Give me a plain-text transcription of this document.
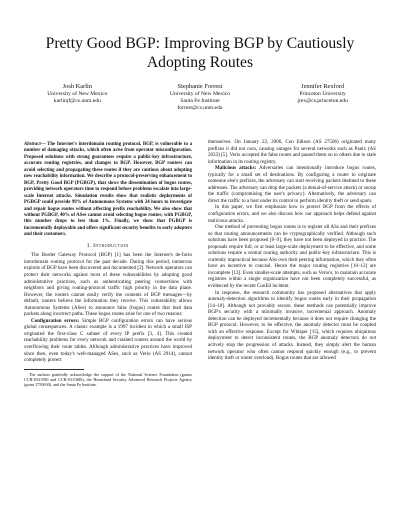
Pretty Good BGP: Improving BGP by Cautiously
Adopting Routes
Josh Karlin
University of New Mexico
karlinjf@cs.unm.edu
Stephanie Forrest
University of New Mexico
Santa Fe Institute
forrest@cs.unm.edu
Jennifer Rexford
Princeton University
jrex@cs.princeton.edu

Abstract— The Internet's interdomain routing protocol, BGP, is vulnerable to a number of damaging attacks, which often arise from operator misconfiguration. Proposed solutions with strong guarantees require a public-key infrastructure, accurate routing registries, and changes to BGP. However, BGP routers can avoid selecting and propagating these routes if they are cautious about adopting new reachability information. We describe a protocol-preserving enhancement to BGP, Pretty Good BGP (PGBGP), that slows the dissemination of bogus routes, providing network operators time to respond before problems escalate into large-scale Internet attacks. Simulation results show that realistic deployments of PGBGP could provide 99% of Autonomous Systems with 24 hours to investigate and repair bogus routes without affecting prefix reachability. We also show that without PGBGP, 40% of ASes cannot avoid selecting bogus routes; with PGBGP, this number drops to less than 1%. Finally, we show that PGBGP is incrementally deployable and offers significant security benefits to early adopters and their customers.

I. Introduction

The Border Gateway Protocol (BGP) [1] has been the Internet's de-facto interdomain routing protocol for the past decade. During this period, numerous exploits of BGP have been discovered and documented [2]. Network operators can protect their networks against most of these vulnerabilities by adopting good administrative practices, such as authenticating peering connections with neighbors and giving routing-protocol traffic high priority in the data plane. However, the routers cannot easily verify the contents of BGP messages—by default, routers believe the information they receive. This vulnerability allows Autonomous Systems (ASes) to announce false (bogus) routes that lead data packets along incorrect paths. These bogus routes arise for one of two reasons:

Configuration errors: Simple BGP configuration errors can have serious global consequences. A classic example is a 1997 incident in which a small ISP originated the first-class C subnet of every IP prefix [3, 4]. This created reachability problems for every network and crashed routers around the world by overflowing their route tables. Although administrative practices have improved since then, even today's well-managed ASes, such as Verio (AS 2914), cannot completely protect

The authors gratefully acknowledge the support of the National Science Foundation (grants CCR-0331580 and CCR-0311686), the Homeland Security Advanced Research Projects Agency (grant 1750630), and the Santa Fe Institute.

themselves. On January 22, 2006, Con Edison (AS 27506) originated many prefixes it did not own, causing outages for several networks such as Panix (AS 2033) [5]. Verio accepted the false routes and passed them on to others due to stale information in its routing registry.

Malicious attacks: Adversaries can intentionally introduce bogus routes, typically for a small set of destinations. By configuring a router to originate someone else's prefixes, the adversary can start receiving packets destined to these addresses. The adversary can drop the packets (a denial-of-service attack) or snoop the traffic (compromising the user's privacy). Alternatively, the adversary can direct the traffic to a host under its control to perform identity theft or send spam.

In this paper, we first emphasize how to protect BGP from the effects of configuration errors, and we also discuss how our approach helps defend against malicious attacks.

One method of preventing bogus routes is to register all ASs and their prefixes so that routing announcements can be cryptographically verified. Although such solutions have been proposed [6–9], they have not been deployed in practice. The proposals require full, or at least large-scale deployment to be effective, and some solutions require a central routing authority and public-key infrastructure. This is currently impractical because ASs own their peering information, which they often have an incentive to conceal. Hence the major routing registries [10–12] are incomplete [13]. Even smaller-scale attempts, such as Verio's, to maintain accurate registries within a single organization have not been completely successful, as evidenced by the recent ConEd incident.

In response, the research community has proposed alternatives that apply anomaly-detection algorithms to identify bogus routes early in their propagation [14–18]. Although not provably secure, these methods can potentially improve BGP's security with a minimally invasive, incremental approach. Anomaly detection can be deployed incrementally because it does not require changing the BGP protocol. However, to be effective, the anomaly detector must be coupled with an effective response. Except for Whisper [15], which requires ubiquitous deployment to detect inconsistent routes, the BGP anomaly detectors do not actively stop the progression of attacks. Instead, they simply alert the human network operator who often cannot respond quickly enough (e.g., to prevent identity theft or router overload). Bogus routes that are allowed
